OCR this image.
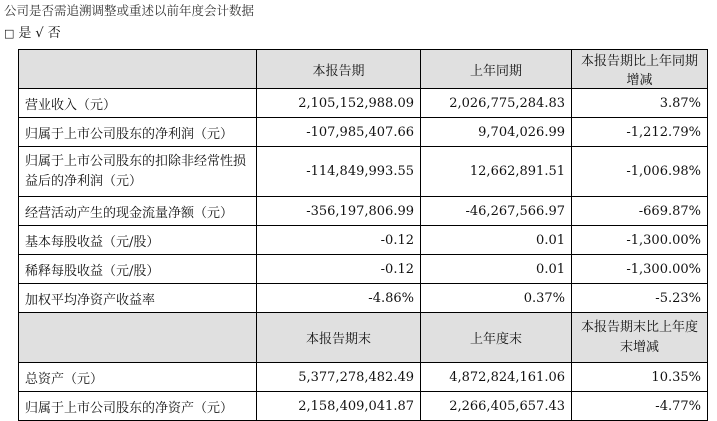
公司是否需追溯调整或重述以前年度会计数据
□ 是 √ 否
	本报告期	上年同期	本报告期比上年同期增减
营业收入（元）	2,105,152,988.09	2,026,775,284.83	3.87%
归属于上市公司股东的净利润（元）	-107,985,407.66	9,704,026.99	-1,212.79%
归属于上市公司股东的扣除非经常性损益后的净利润（元）	-114,849,993.55	12,662,891.51	-1,006.98%
经营活动产生的现金流量净额（元）	-356,197,806.99	-46,267,566.97	-669.87%
基本每股收益（元/股）	-0.12	0.01	-1,300.00%
稀释每股收益（元/股）	-0.12	0.01	-1,300.00%
加权平均净资产收益率	-4.86%	0.37%	-5.23%
	本报告期末	上年度末	本报告期末比上年度末增减
总资产（元）	5,377,278,482.49	4,872,824,161.06	10.35%
归属于上市公司股东的净资产（元）	2,158,409,041.87	2,266,405,657.43	-4.77%
